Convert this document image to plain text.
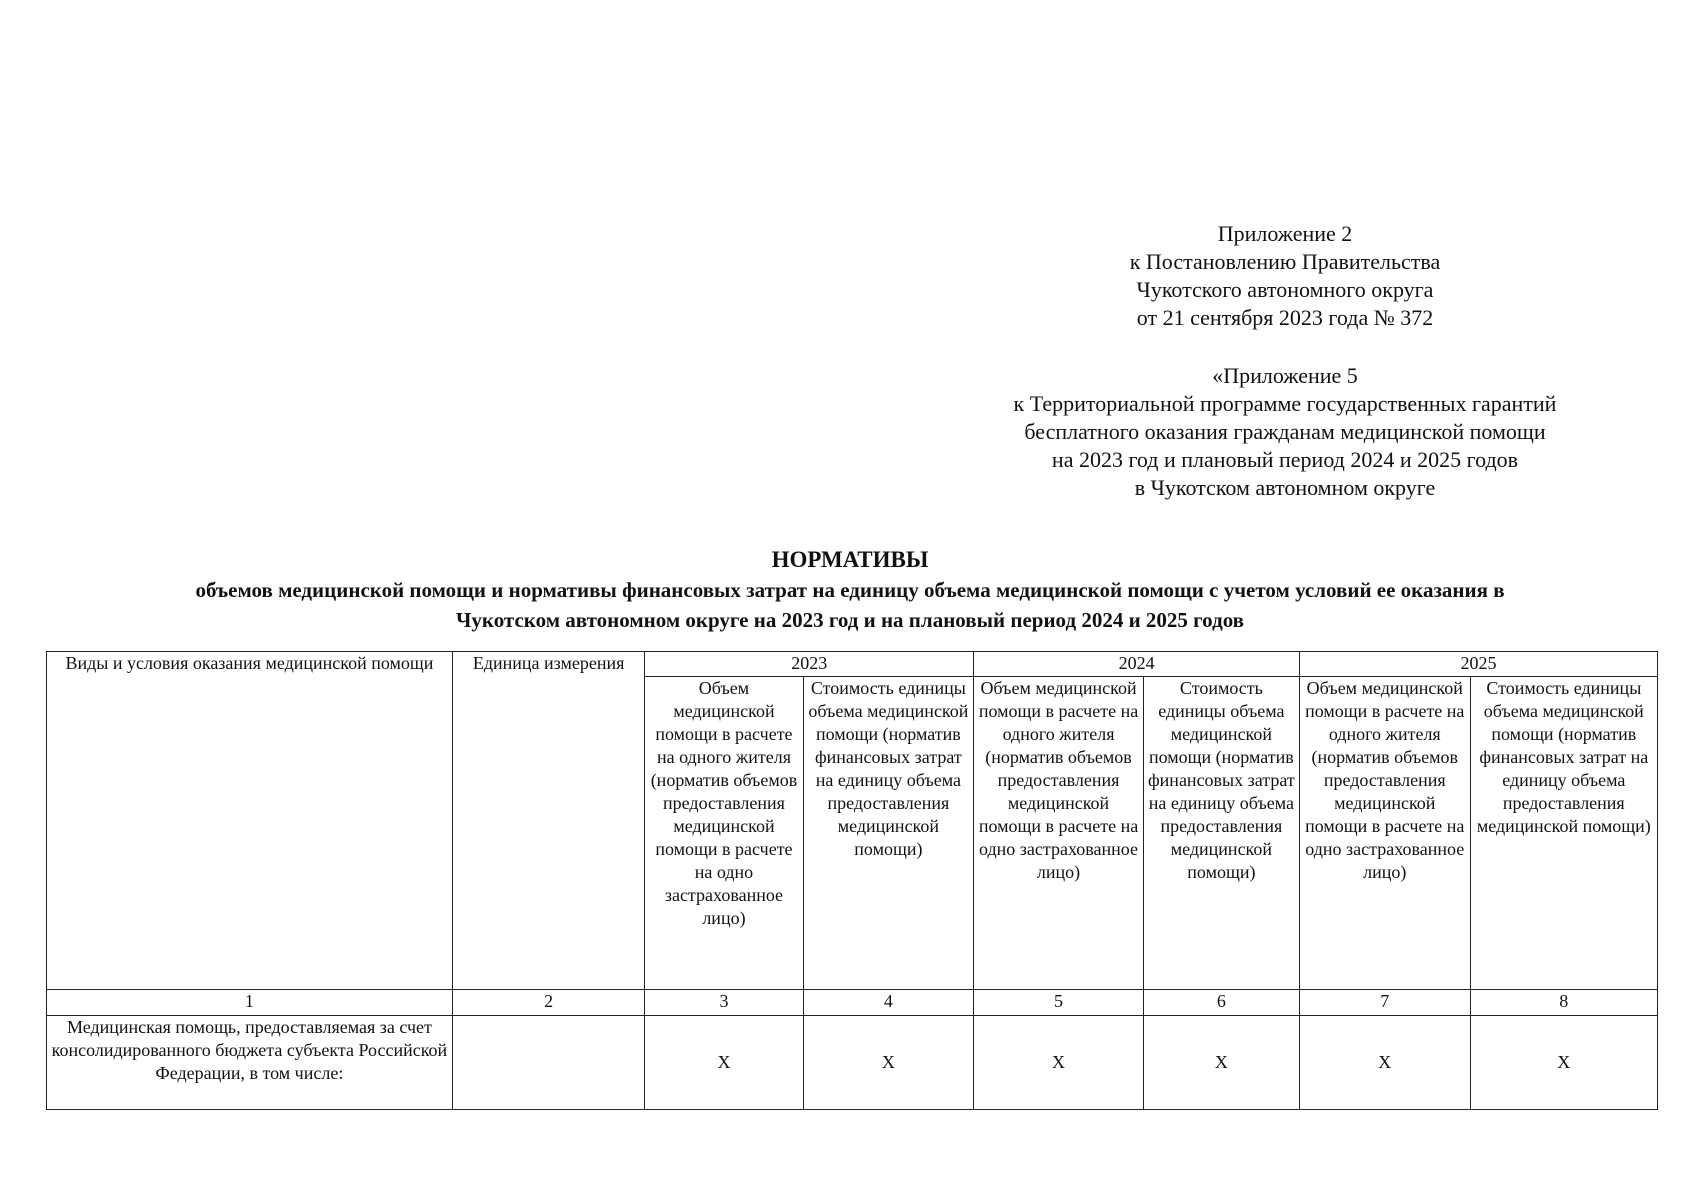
Приложение 2

к Постановлению Правительства

Чукотского автономного округа

от 21 сентября 2023 года № 372

«Приложение 5

к Территориальной программе государственных гарантий

бесплатного оказания гражданам медицинской помощи

на 2023 год и плановый период 2024 и 2025 годов

в Чукотском автономном округе

НОРМАТИВЫ
объемов медицинской помощи и нормативы финансовых затрат на единицу объема медицинской помощи с учетом условий ее оказания в
Чукотском автономном округе на 2023 год и на плановый период 2024 и 2025 годов
Виды и условия оказания медицинской помощи	Единица измерения	2023		2024		2025	
		Объем медицинской помощи в расчете на одного жителя (норматив объемов предоставления медицинской помощи в расчете на одно застрахованное лицо)	Стоимость единицы объема медицинской помощи (норматив финансовых затрат на единицу объема предоставления медицинской помощи)	Объем медицинской помощи в расчете на одного жителя (норматив объемов предоставления медицинской помощи в расчете на одно застрахованное лицо)	Стоимость единицы объема медицинской помощи (норматив финансовых затрат на единицу объема предоставления медицинской помощи)	Объем медицинской помощи в расчете на одного жителя (норматив объемов предоставления медицинской помощи в расчете на одно застрахованное лицо)	Стоимость единицы объема медицинской помощи (норматив финансовых затрат на единицу объема предоставления медицинской помощи)
1	2	3	4	5	6	7	8
Медицинская помощь, предоставляемая за счет консолидированного бюджета субъекта Российской Федерации, в том числе:		Х	Х	Х	Х	Х	Х
